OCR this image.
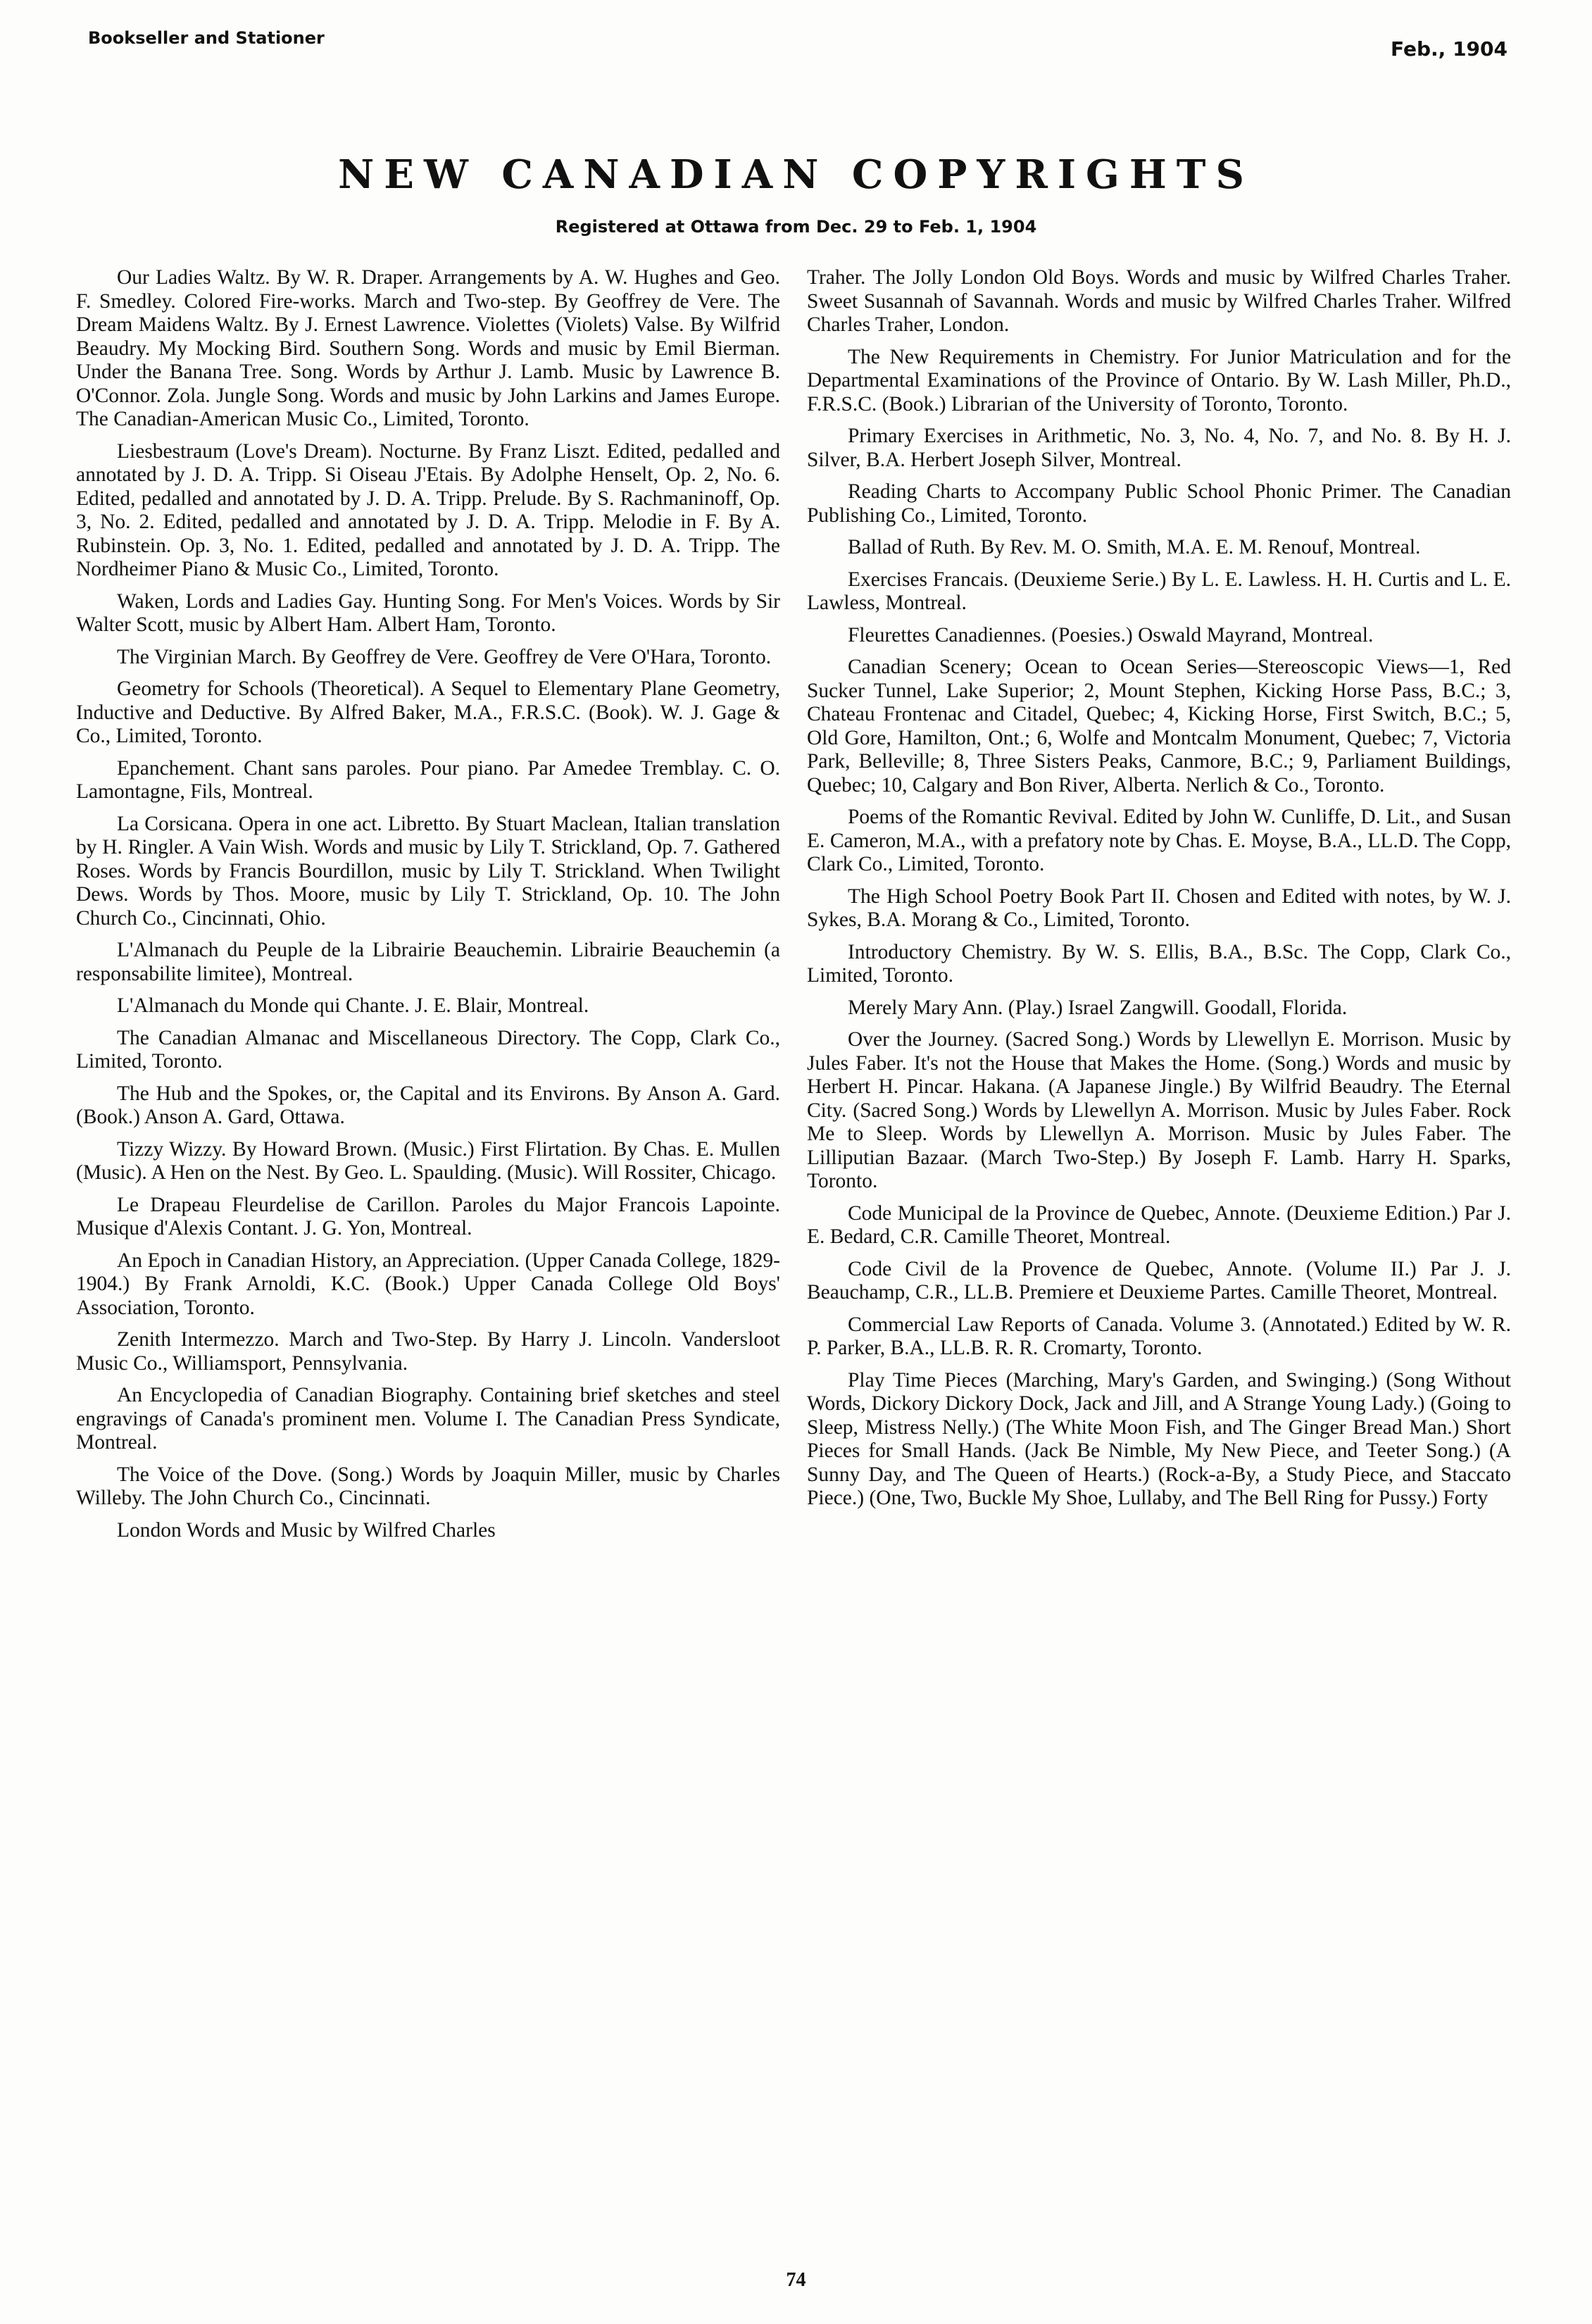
Bookseller and Stationer	Feb., 1904
NEW CANADIAN COPYRIGHTS
Registered at Ottawa from Dec. 29 to Feb. 1, 1904

Our Ladies Waltz. By W. R. Draper. Arrangements by A. W. Hughes and Geo. F. Smedley. Colored Fire-works. March and Two-step. By Geoffrey de Vere. The Dream Maidens Waltz. By J. Ernest Lawrence. Violettes (Violets) Valse. By Wilfrid Beaudry. My Mocking Bird. Southern Song. Words and music by Emil Bierman. Under the Banana Tree. Song. Words by Arthur J. Lamb. Music by Lawrence B. O'Connor. Zola. Jungle Song. Words and music by John Larkins and James Europe. The Canadian-American Music Co., Limited, Toronto.

Liesbestraum (Love's Dream). Nocturne. By Franz Liszt. Edited, pedalled and annotated by J. D. A. Tripp. Si Oiseau J'Etais. By Adolphe Henselt, Op. 2, No. 6. Edited, pedalled and annotated by J. D. A. Tripp. Prelude. By S. Rachmaninoff, Op. 3, No. 2. Edited, pedalled and annotated by J. D. A. Tripp. Melodie in F. By A. Rubinstein. Op. 3, No. 1. Edited, pedalled and annotated by J. D. A. Tripp. The Nordheimer Piano & Music Co., Limited, Toronto.

Waken, Lords and Ladies Gay. Hunting Song. For Men's Voices. Words by Sir Walter Scott, music by Albert Ham. Albert Ham, Toronto.

The Virginian March. By Geoffrey de Vere. Geoffrey de Vere O'Hara, Toronto.

Geometry for Schools (Theoretical). A Sequel to Elementary Plane Geometry, Inductive and Deductive. By Alfred Baker, M.A., F.R.S.C. (Book). W. J. Gage & Co., Limited, Toronto.

Epanchement. Chant sans paroles. Pour piano. Par Amedee Tremblay. C. O. Lamontagne, Fils, Montreal.

La Corsicana. Opera in one act. Libretto. By Stuart Maclean, Italian translation by H. Ringler. A Vain Wish. Words and music by Lily T. Strickland, Op. 7. Gathered Roses. Words by Francis Bourdillon, music by Lily T. Strickland. When Twilight Dews. Words by Thos. Moore, music by Lily T. Strickland, Op. 10. The John Church Co., Cincinnati, Ohio.

L'Almanach du Peuple de la Librairie Beauchemin. Librairie Beauchemin (a responsabilite limitee), Montreal.

L'Almanach du Monde qui Chante. J. E. Blair, Montreal.

The Canadian Almanac and Miscellaneous Directory. The Copp, Clark Co., Limited, Toronto.

The Hub and the Spokes, or, the Capital and its Environs. By Anson A. Gard. (Book.) Anson A. Gard, Ottawa.

Tizzy Wizzy. By Howard Brown. (Music.) First Flirtation. By Chas. E. Mullen (Music). A Hen on the Nest. By Geo. L. Spaulding. (Music). Will Rossiter, Chicago.

Le Drapeau Fleurdelise de Carillon. Paroles du Major Francois Lapointe. Musique d'Alexis Contant. J. G. Yon, Montreal.

An Epoch in Canadian History, an Appreciation. (Upper Canada College, 1829-1904.) By Frank Arnoldi, K.C. (Book.) Upper Canada College Old Boys' Association, Toronto.

Zenith Intermezzo. March and Two-Step. By Harry J. Lincoln. Vandersloot Music Co., Williamsport, Pennsylvania.

An Encyclopedia of Canadian Biography. Containing brief sketches and steel engravings of Canada's prominent men. Volume I. The Canadian Press Syndicate, Montreal.

The Voice of the Dove. (Song.) Words by Joaquin Miller, music by Charles Willeby. The John Church Co., Cincinnati.

London Words and Music by Wilfred Charles

Traher. The Jolly London Old Boys. Words and music by Wilfred Charles Traher. Sweet Susannah of Savannah. Words and music by Wilfred Charles Traher. Wilfred Charles Traher, London.

The New Requirements in Chemistry. For Junior Matriculation and for the Departmental Examinations of the Province of Ontario. By W. Lash Miller, Ph.D., F.R.S.C. (Book.) Librarian of the University of Toronto, Toronto.

Primary Exercises in Arithmetic, No. 3, No. 4, No. 7, and No. 8. By H. J. Silver, B.A. Herbert Joseph Silver, Montreal.

Reading Charts to Accompany Public School Phonic Primer. The Canadian Publishing Co., Limited, Toronto.

Ballad of Ruth. By Rev. M. O. Smith, M.A. E. M. Renouf, Montreal.

Exercises Francais. (Deuxieme Serie.) By L. E. Lawless. H. H. Curtis and L. E. Lawless, Montreal.

Fleurettes Canadiennes. (Poesies.) Oswald Mayrand, Montreal.

Canadian Scenery; Ocean to Ocean Series—Stereoscopic Views—1, Red Sucker Tunnel, Lake Superior; 2, Mount Stephen, Kicking Horse Pass, B.C.; 3, Chateau Frontenac and Citadel, Quebec; 4, Kicking Horse, First Switch, B.C.; 5, Old Gore, Hamilton, Ont.; 6, Wolfe and Montcalm Monument, Quebec; 7, Victoria Park, Belleville; 8, Three Sisters Peaks, Canmore, B.C.; 9, Parliament Buildings, Quebec; 10, Calgary and Bon River, Alberta. Nerlich & Co., Toronto.

Poems of the Romantic Revival. Edited by John W. Cunliffe, D. Lit., and Susan E. Cameron, M.A., with a prefatory note by Chas. E. Moyse, B.A., LL.D. The Copp, Clark Co., Limited, Toronto.

The High School Poetry Book Part II. Chosen and Edited with notes, by W. J. Sykes, B.A. Morang & Co., Limited, Toronto.

Introductory Chemistry. By W. S. Ellis, B.A., B.Sc. The Copp, Clark Co., Limited, Toronto.

Merely Mary Ann. (Play.) Israel Zangwill. Goodall, Florida.

Over the Journey. (Sacred Song.) Words by Llewellyn E. Morrison. Music by Jules Faber. It's not the House that Makes the Home. (Song.) Words and music by Herbert H. Pincar. Hakana. (A Japanese Jingle.) By Wilfrid Beaudry. The Eternal City. (Sacred Song.) Words by Llewellyn A. Morrison. Music by Jules Faber. Rock Me to Sleep. Words by Llewellyn A. Morrison. Music by Jules Faber. The Lilliputian Bazaar. (March Two-Step.) By Joseph F. Lamb. Harry H. Sparks, Toronto.

Code Municipal de la Province de Quebec, Annote. (Deuxieme Edition.) Par J. E. Bedard, C.R. Camille Theoret, Montreal.

Code Civil de la Provence de Quebec, Annote. (Volume II.) Par J. J. Beauchamp, C.R., LL.B. Premiere et Deuxieme Partes. Camille Theoret, Montreal.

Commercial Law Reports of Canada. Volume 3. (Annotated.) Edited by W. R. P. Parker, B.A., LL.B. R. R. Cromarty, Toronto.

Play Time Pieces (Marching, Mary's Garden, and Swinging.) (Song Without Words, Dickory Dickory Dock, Jack and Jill, and A Strange Young Lady.) (Going to Sleep, Mistress Nelly.) (The White Moon Fish, and The Ginger Bread Man.) Short Pieces for Small Hands. (Jack Be Nimble, My New Piece, and Teeter Song.) (A Sunny Day, and The Queen of Hearts.) (Rock-a-By, a Study Piece, and Staccato Piece.) (One, Two, Buckle My Shoe, Lullaby, and The Bell Ring for Pussy.) Forty

74
